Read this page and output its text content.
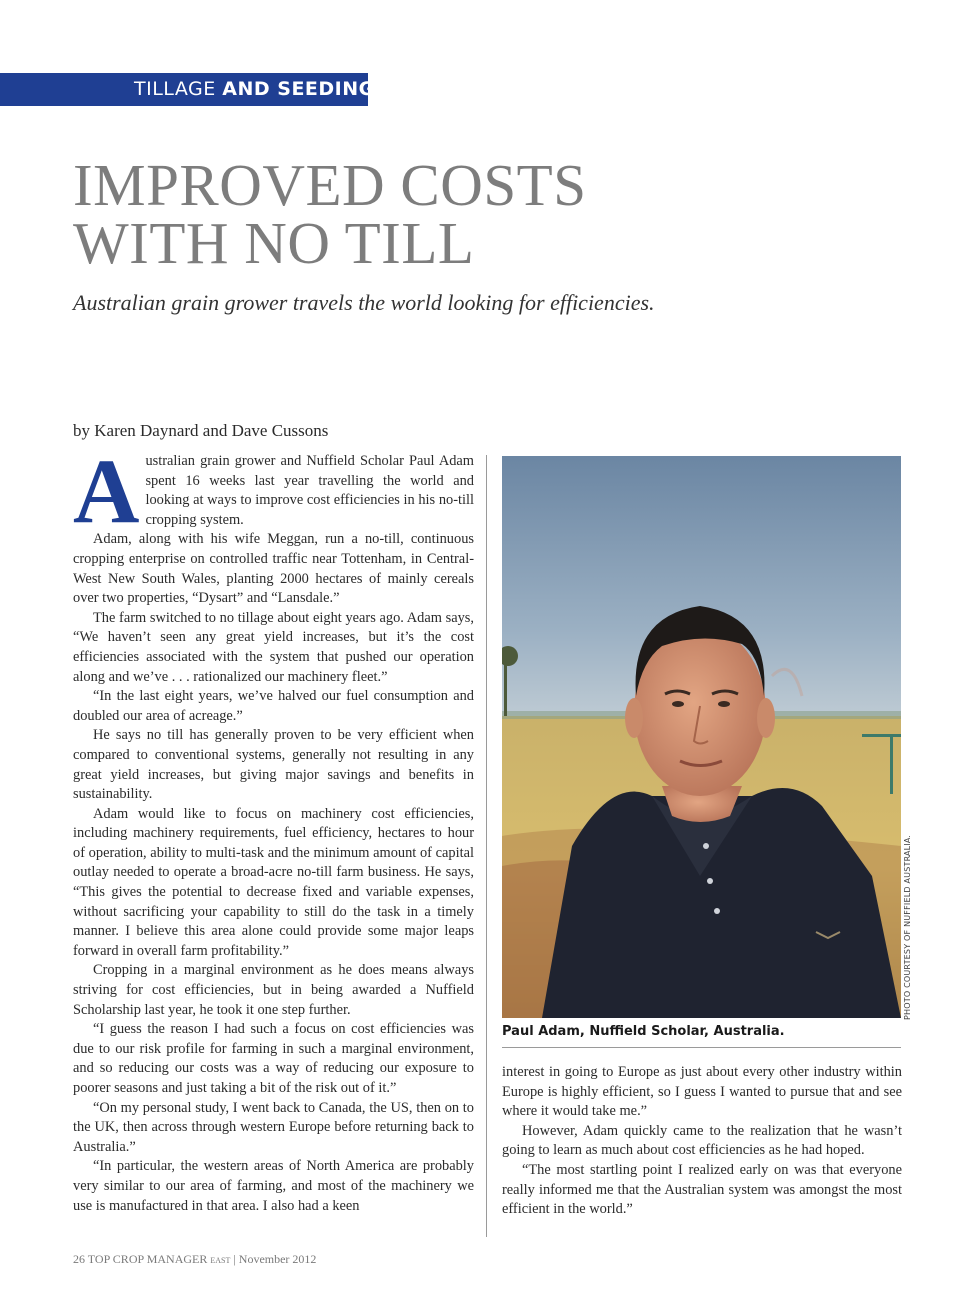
TILLAGE AND SEEDING
IMPROVED COSTS
WITH NO TILL
Australian grain grower travels the world looking for efficiencies.
by Karen Daynard and Dave Cussons

Australian grain grower and Nuffield Scholar Paul Adam spent 16 weeks last year travelling the world and looking at ways to improve cost efficiencies in his no-till cropping system.

Adam, along with his wife Meggan, run a no-till, continuous cropping enterprise on controlled traffic near Tottenham, in Central-West New South Wales, planting 2000 hectares of mainly cereals over two properties, “Dysart” and “Lansdale.”

The farm switched to no tillage about eight years ago. Adam says, “We haven’t seen any great yield increases, but it’s the cost efficiencies associated with the system that pushed our operation along and we’ve . . . rationalized our machinery fleet.”

“In the last eight years, we’ve halved our fuel consumption and doubled our area of acreage.”

He says no till has generally proven to be very efficient when compared to conventional systems, generally not resulting in any great yield increases, but giving major savings and benefits in sustainability.

Adam would like to focus on machinery cost efficiencies, including machinery requirements, fuel efficiency, hectares to hour of operation, ability to multi-task and the minimum amount of capital outlay needed to operate a broad-acre no-till farm business. He says, “This gives the potential to decrease fixed and variable expenses, without sacrificing your capability to still do the task in a timely manner. I believe this area alone could provide some major leaps forward in overall farm profitability.”

Cropping in a marginal environment as he does means always striving for cost efficiencies, but in being awarded a Nuffield Scholarship last year, he took it one step further.

“I guess the reason I had such a focus on cost efficiencies was due to our risk profile for farming in such a marginal environment, and so reducing our costs was a way of reducing our exposure to poorer seasons and just taking a bit of the risk out of it.”

“On my personal study, I went back to Canada, the US, then on to the UK, then across through western Europe before returning back to Australia.”

“In particular, the western areas of North America are probably very similar to our area of farming, and most of the machinery we use is manufactured in that area. I also had a keen

PHOTO COURTESY OF NUFFIELD AUSTRALIA.
Paul Adam, Nuffield Scholar, Australia.

interest in going to Europe as just about every other industry within Europe is highly efficient, so I guess I wanted to pursue that and see where it would take me.”

However, Adam quickly came to the realization that he wasn’t going to learn as much about cost efficiencies as he had hoped.

“The most startling point I realized early on was that everyone really informed me that the Australian system was amongst the most efficient in the world.”

26 TOP CROP MANAGER EAST | November 2012
